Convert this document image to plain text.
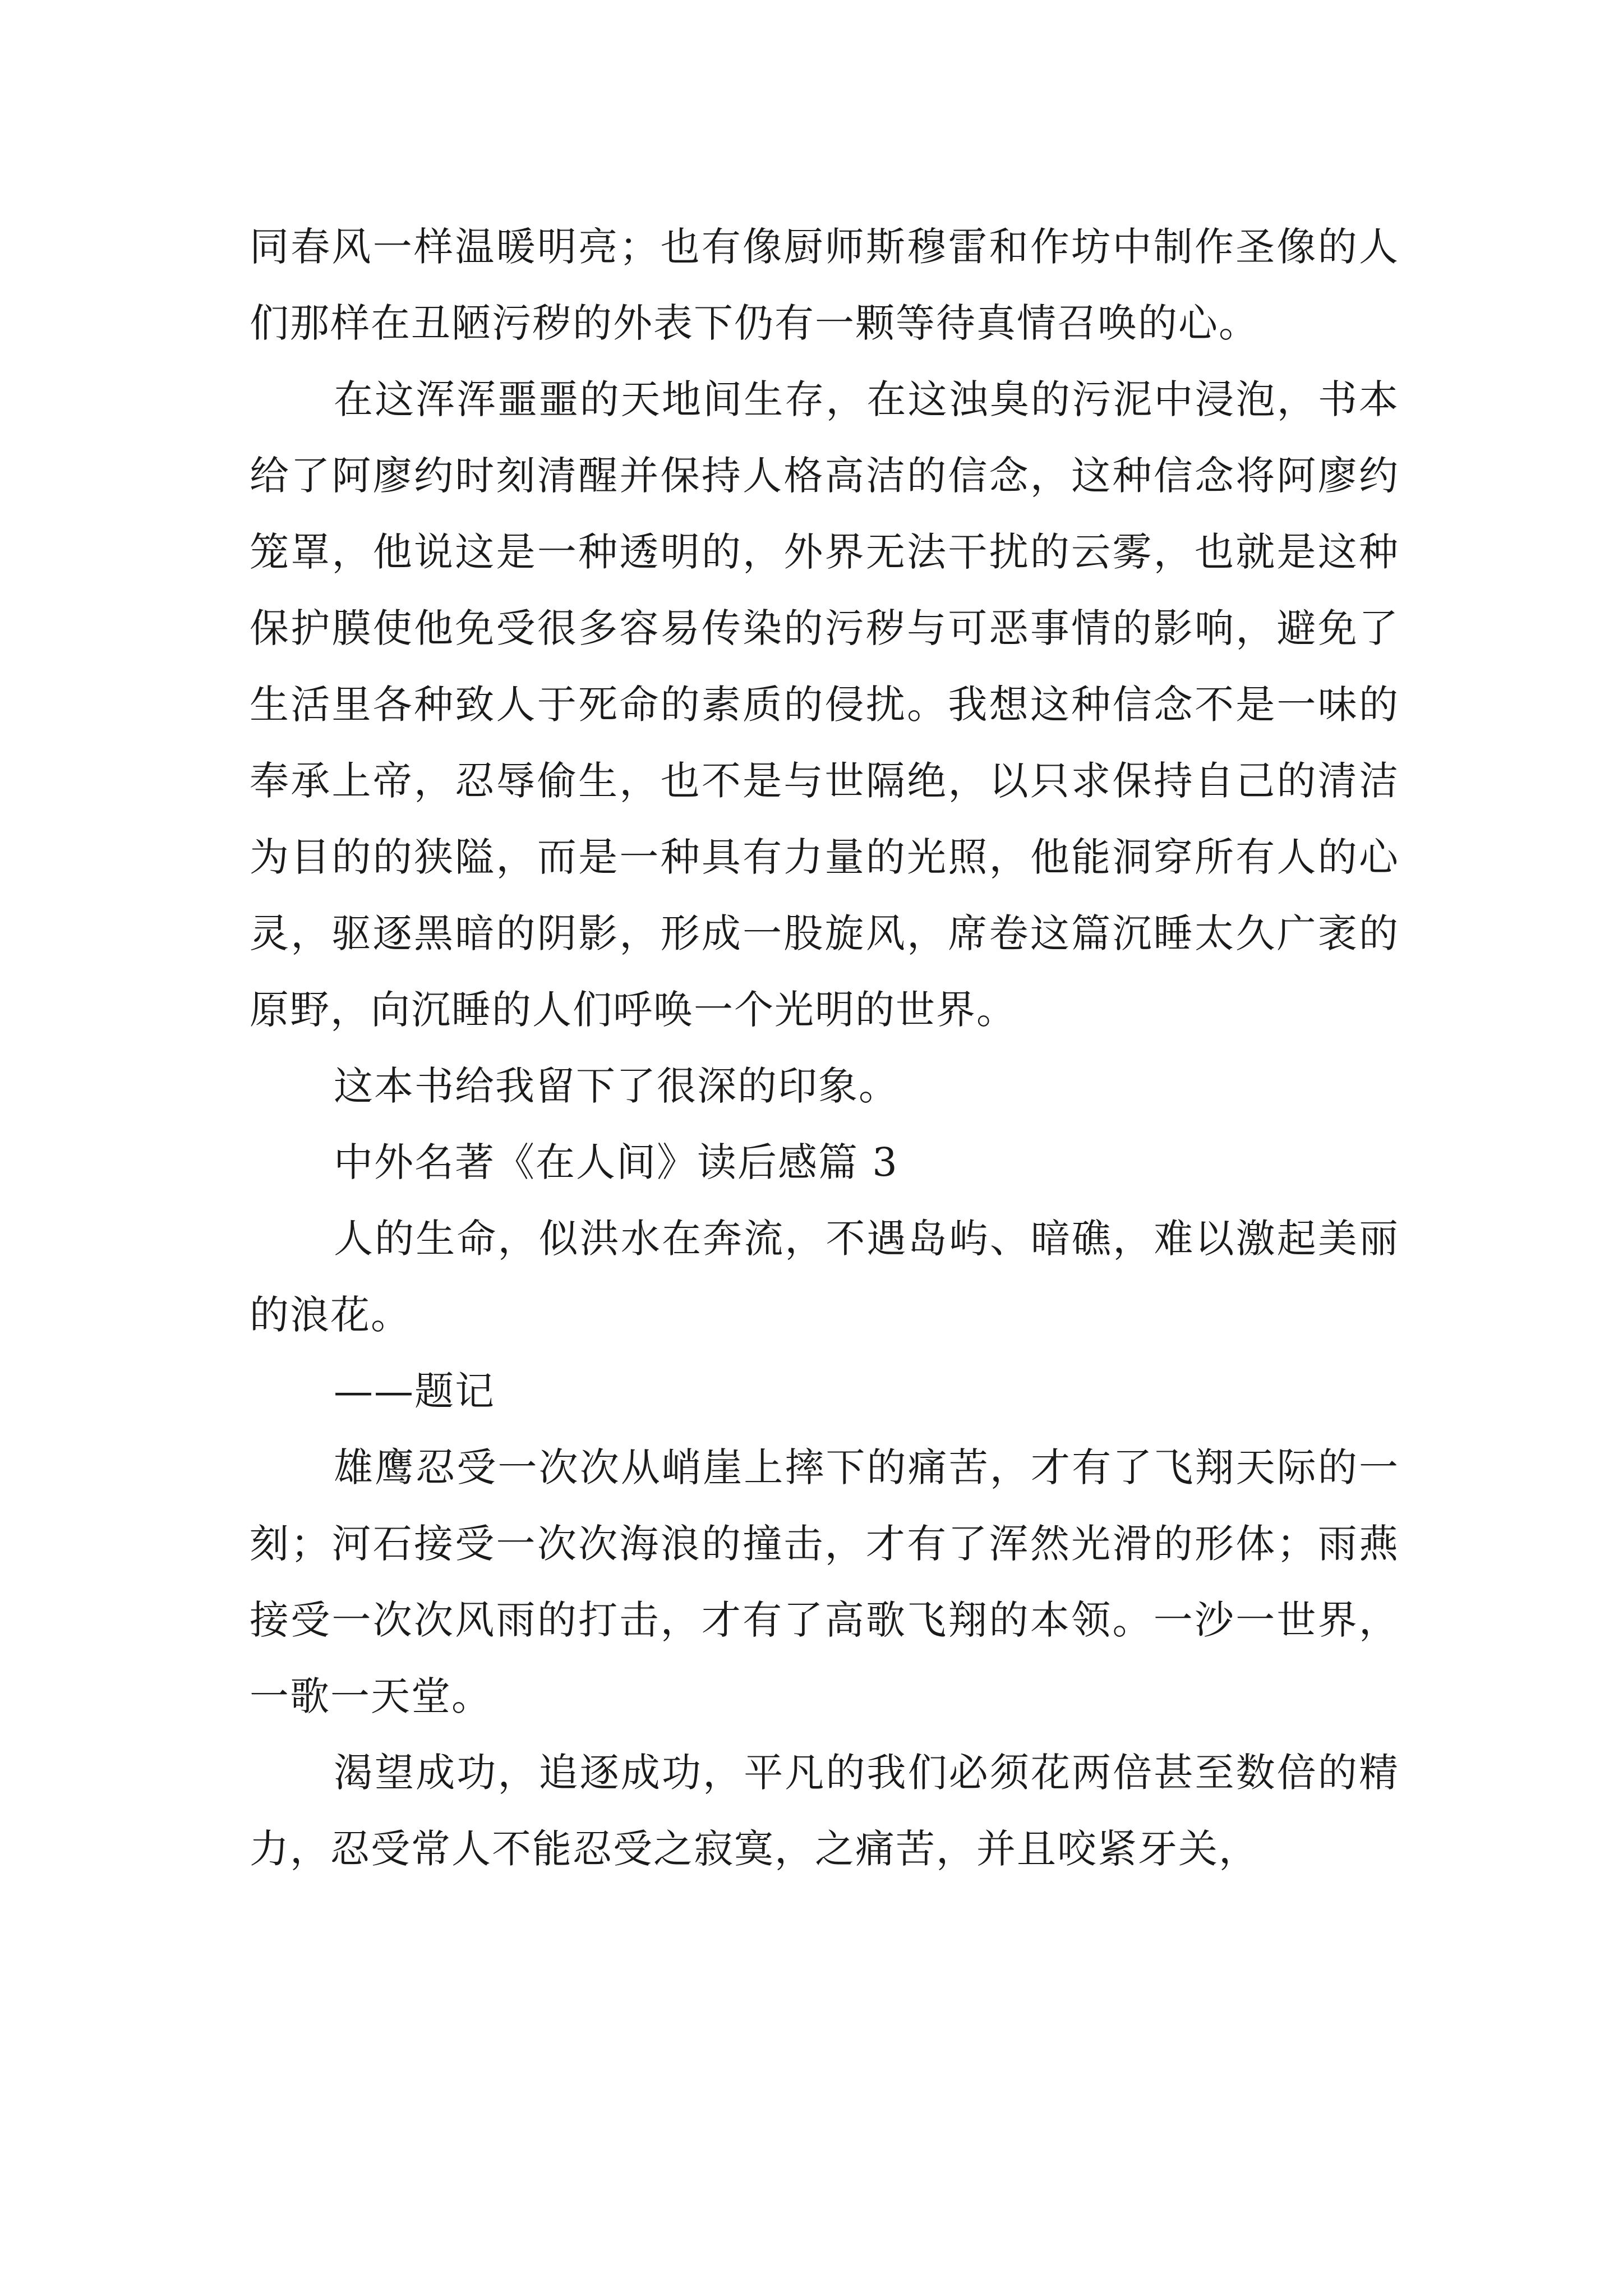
同春风一样温暖明亮；也有像厨师斯穆雷和作坊中制作圣像的人们那样在丑陋污秽的外表下仍有一颗等待真情召唤的心。

在这浑浑噩噩的天地间生存，在这浊臭的污泥中浸泡，书本给了阿廖约时刻清醒并保持人格高洁的信念，这种信念将阿廖约笼罩，他说这是一种透明的，外界无法干扰的云雾，也就是这种保护膜使他免受很多容易传染的污秽与可恶事情的影响，避免了生活里各种致人于死命的素质的侵扰。我想这种信念不是一味的奉承上帝，忍辱偷生，也不是与世隔绝，以只求保持自己的清洁为目的的狭隘，而是一种具有力量的光照，他能洞穿所有人的心灵，驱逐黑暗的阴影，形成一股旋风，席卷这篇沉睡太久广袤的原野，向沉睡的人们呼唤一个光明的世界。

这本书给我留下了很深的印象。

中外名著《在人间》读后感篇 3

人的生命，似洪水在奔流，不遇岛屿、暗礁，难以激起美丽的浪花。

——题记

雄鹰忍受一次次从峭崖上摔下的痛苦，才有了飞翔天际的一刻；河石接受一次次海浪的撞击，才有了浑然光滑的形体；雨燕接受一次次风雨的打击，才有了高歌飞翔的本领。一沙一世界，一歌一天堂。

渴望成功，追逐成功，平凡的我们必须花两倍甚至数倍的精力，忍受常人不能忍受之寂寞，之痛苦，并且咬紧牙关，
